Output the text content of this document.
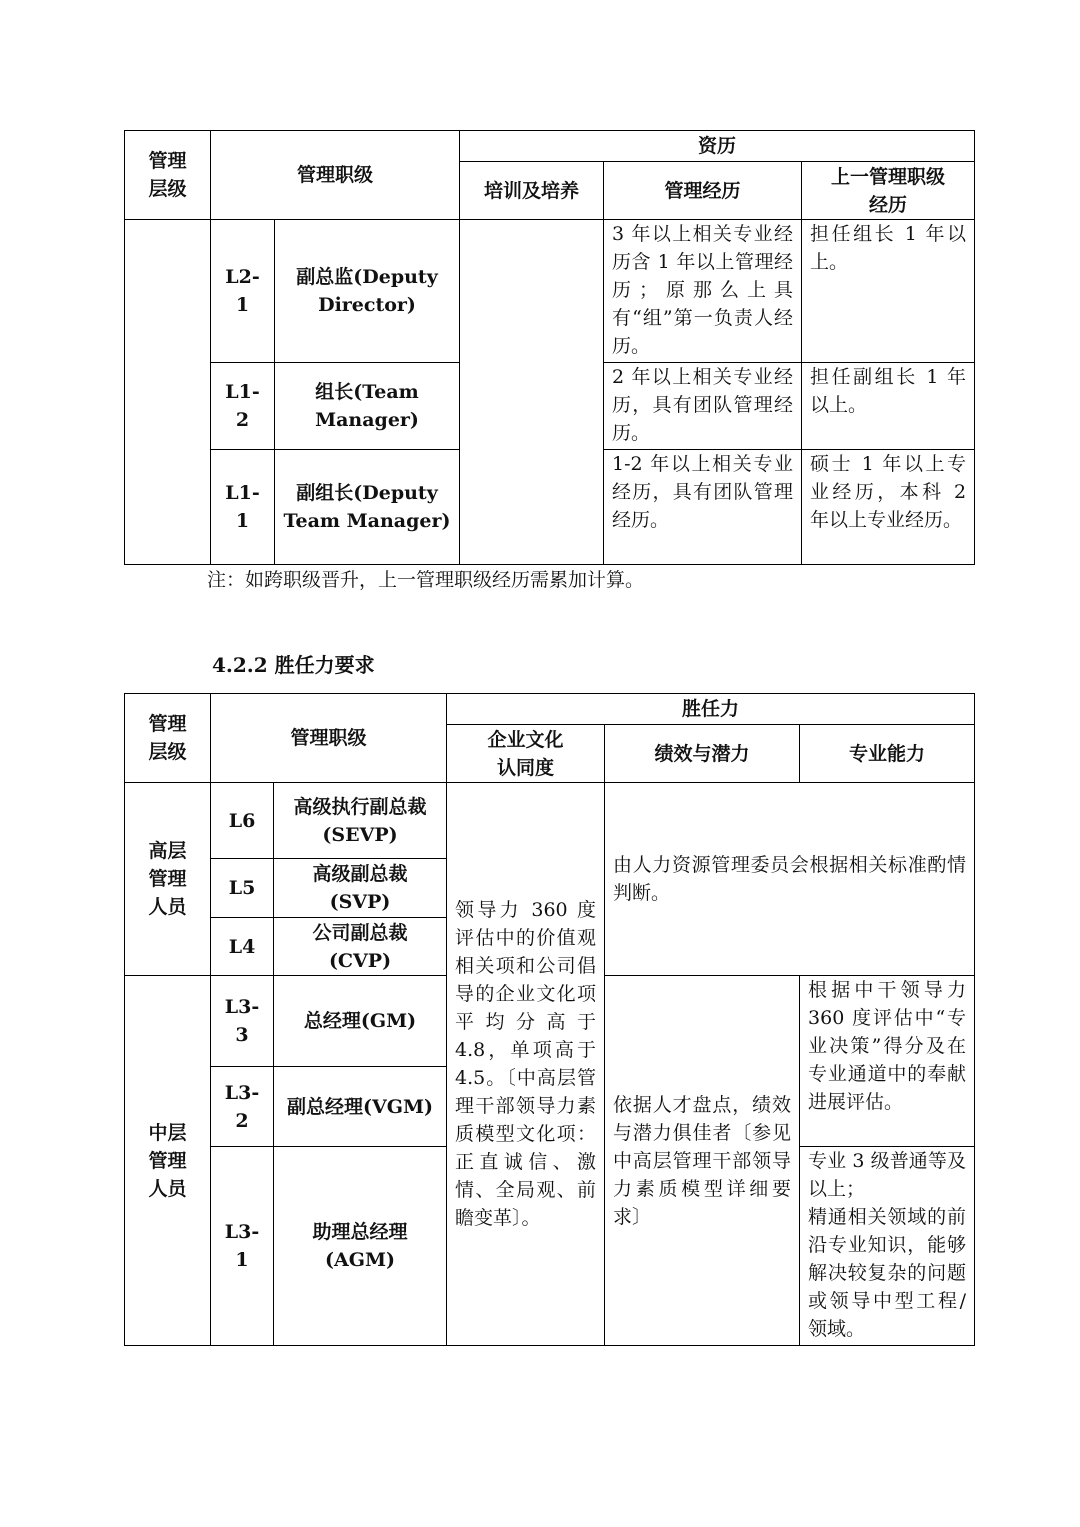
管理
层级	管理职级		资历		
			培训及培养	管理经历	上一管理职级
经历
	L2-1	副总监(Deputy
Director)		3 年以上相关专业经历含 1 年以上管理经历；原那么上具有“组”第一负责人经历。	担任组长 1 年以上。
	L1-2	组长(Team
Manager)		2 年以上相关专业经历，具有团队管理经历。	担任副组长 1 年以上。
	L1-1	副组长(Deputy
Team Manager)		1-2 年以上相关专业经历，具有团队管理经历。	硕士 1 年以上专业经历，本科 2 年以上专业经历。
注：如跨职级晋升，上一管理职级经历需累加计算。
4.2.2 胜任力要求
管理
层级	管理职级		胜任力		
			企业文化
认同度	绩效与潜力	专业能力
高层
管理
人员	L6	高级执行副总裁
(SEVP)	领导力 360 度评估中的价值观相关项和公司倡导的企业文化项平均分高于 4.8，单项高于 4.5。〔中高层管理干部领导力素质模型文化项：正直诚信、激情、全局观、前瞻变革〕。	由人力资源管理委员会根据相关标准酌情判断。	
	L5	高级副总裁
(SVP)			
	L4	公司副总裁
(CVP)			
中层
管理
人员	L3-3	总经理(GM)		依据人才盘点，绩效与潜力俱佳者〔参见中高层管理干部领导力素质模型详细要求〕	根据中干领导力 360 度评估中“专业决策”得分及在专业通道中的奉献进展评估。
	L3-2	副总经理(VGM)			
	L3-1	助理总经理
(AGM)			专业 3 级普通等及以上；
精通相关领域的前沿专业知识，能够解决较复杂的问题或领导中型工程/领域。
